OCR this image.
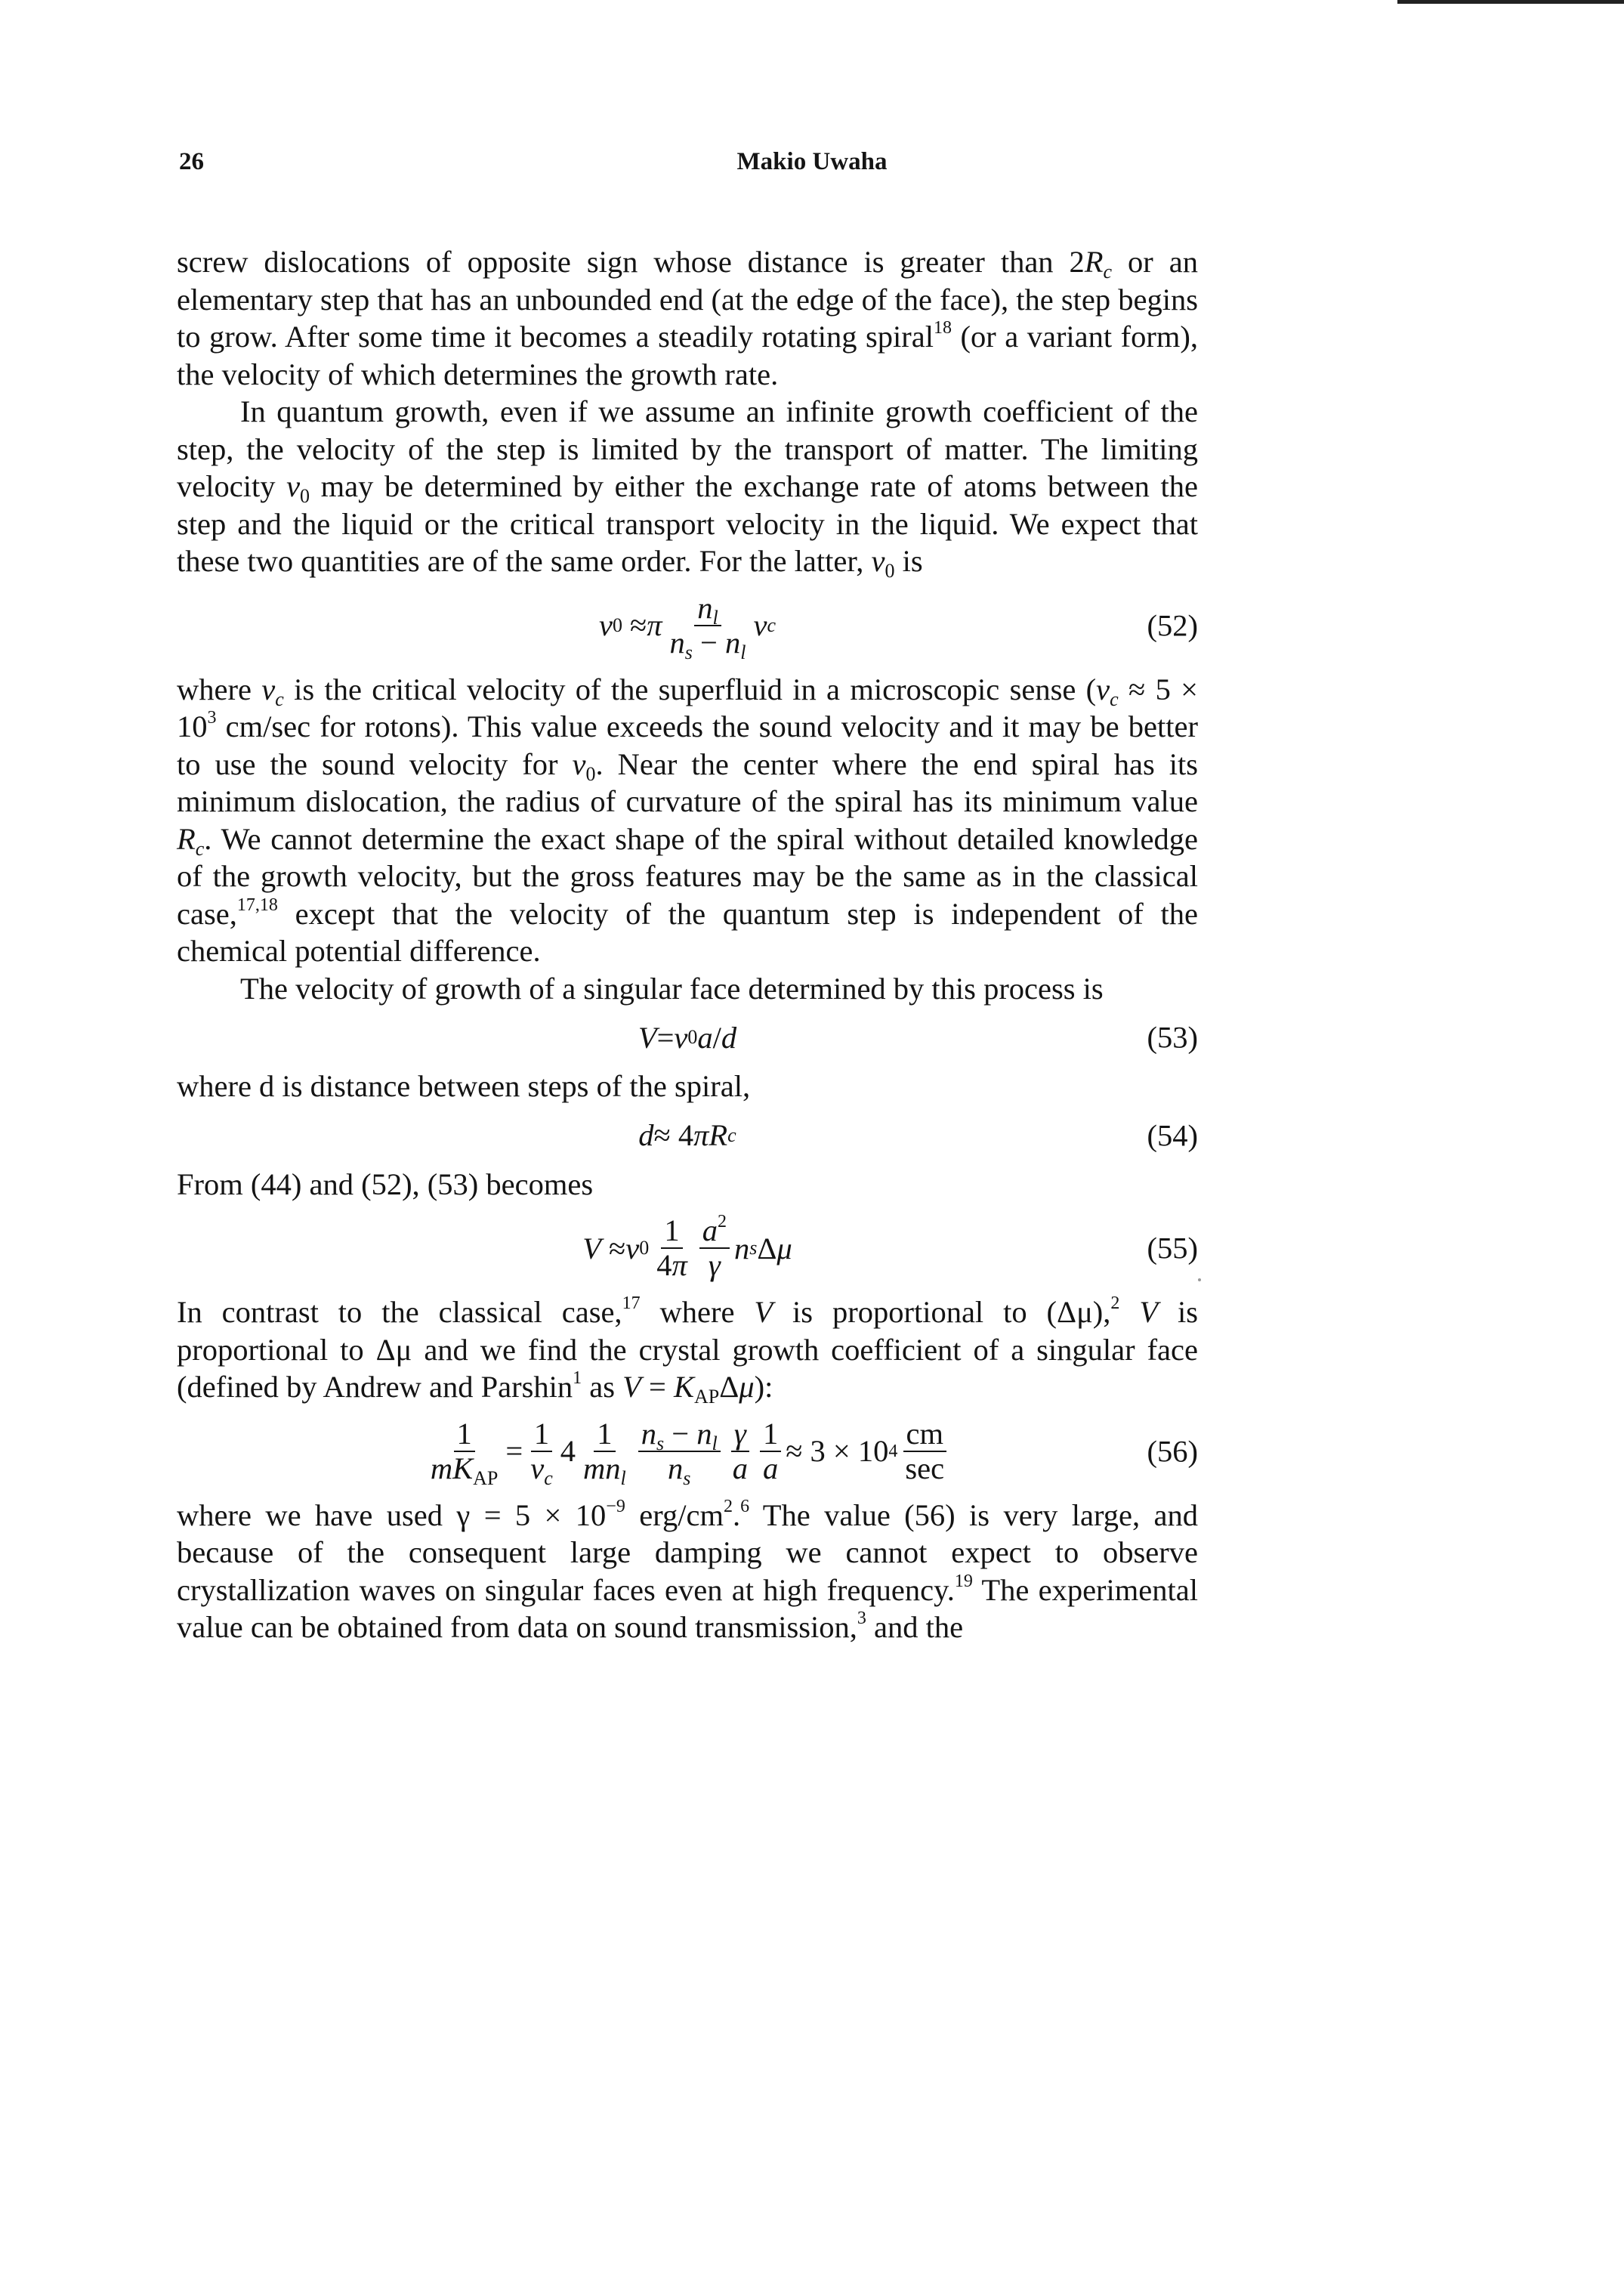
26	Makio Uwaha

screw dislocations of opposite sign whose distance is greater than $2R_c$ or an elementary step that has an unbounded end (at the edge of the face), the step begins to grow. After some time it becomes a steadily rotating spiral$^{18}$ (or a variant form), the velocity of which determines the growth rate.

In quantum growth, even if we assume an infinite growth coefficient of the step, the velocity of the step is limited by the transport of matter. The limiting velocity $v_0$ may be determined by either the exchange rate of atoms between the step and the liquid or the critical transport velocity in the liquid. We expect that these two quantities are of the same order. For the latter, $v_0$ is

v 0 ≈ π $\frac{n_l}{n_s - n_l}$ v c	(52)

where $v_c$ is the critical velocity of the superfluid in a microscopic sense ($v_c \approx 5 \times 10^3$ cm/sec for rotons). This value exceeds the sound velocity and it may be better to use the sound velocity for $v_0$. Near the center where the end spiral has its minimum dislocation, the radius of curvature of the spiral has its minimum value $R_c$. We cannot determine the exact shape of the spiral without detailed knowledge of the growth velocity, but the gross features may be the same as in the classical case,$^{17,18}$ except that the velocity of the quantum step is independent of the chemical potential difference.

The velocity of growth of a singular face determined by this process is

V = v 0 a / d	(53)

where d is distance between steps of the spiral,

d ≈ 4 πR c	(54)

From (44) and (52), (53) becomes

V ≈ v $0 \frac{1}{4\pi} \frac{a^2}{\gamma}$ n s Δ μ	(55)

In contrast to the classical case,$^{17}$ where V is proportional to (Δμ),$^2$ V is proportional to Δμ and we find the crystal growth coefficient of a singular face (defined by Andrew and Parshin$^1$ as $V = K_{AP}\Delta\mu$):

$\frac{1}{mK_{AP}} = \frac{1}{v_c} 4 \frac{1}{mn_l} \frac{n_s - n_l}{n_s} \frac{\gamma}{a} \frac{1}{a} \approx 3 \times 10$ $4 \frac{cm}{\sec}$	(56)

where we have used $\gamma = 5 \times 10^{-9}$ erg/$cm^2.^6$ The value (56) is very large, and because of the consequent large damping we cannot expect to observe crystallization waves on singular faces even at high frequency.$^{19}$ The experimental value can be obtained from data on sound transmission,$^3$ and the
